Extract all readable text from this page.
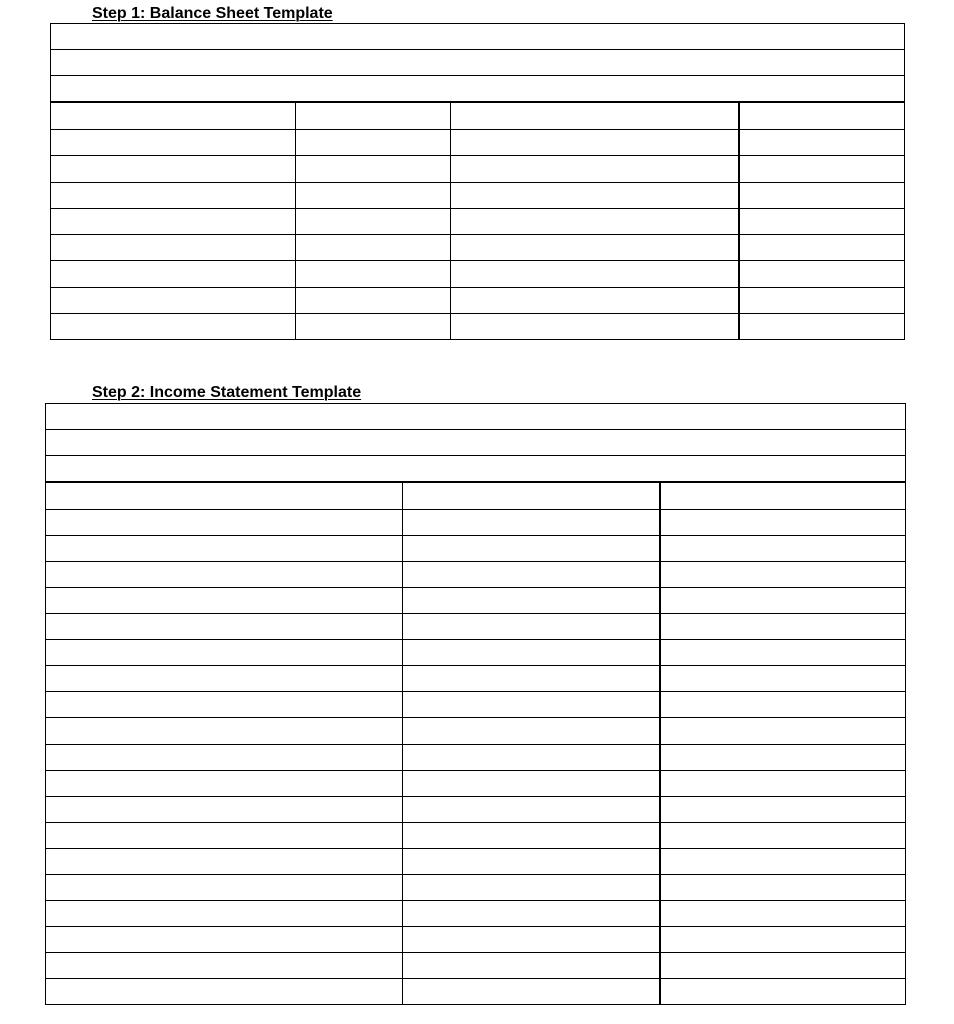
Step 1: Balance Sheet Template
Step 2: Income Statement Template
